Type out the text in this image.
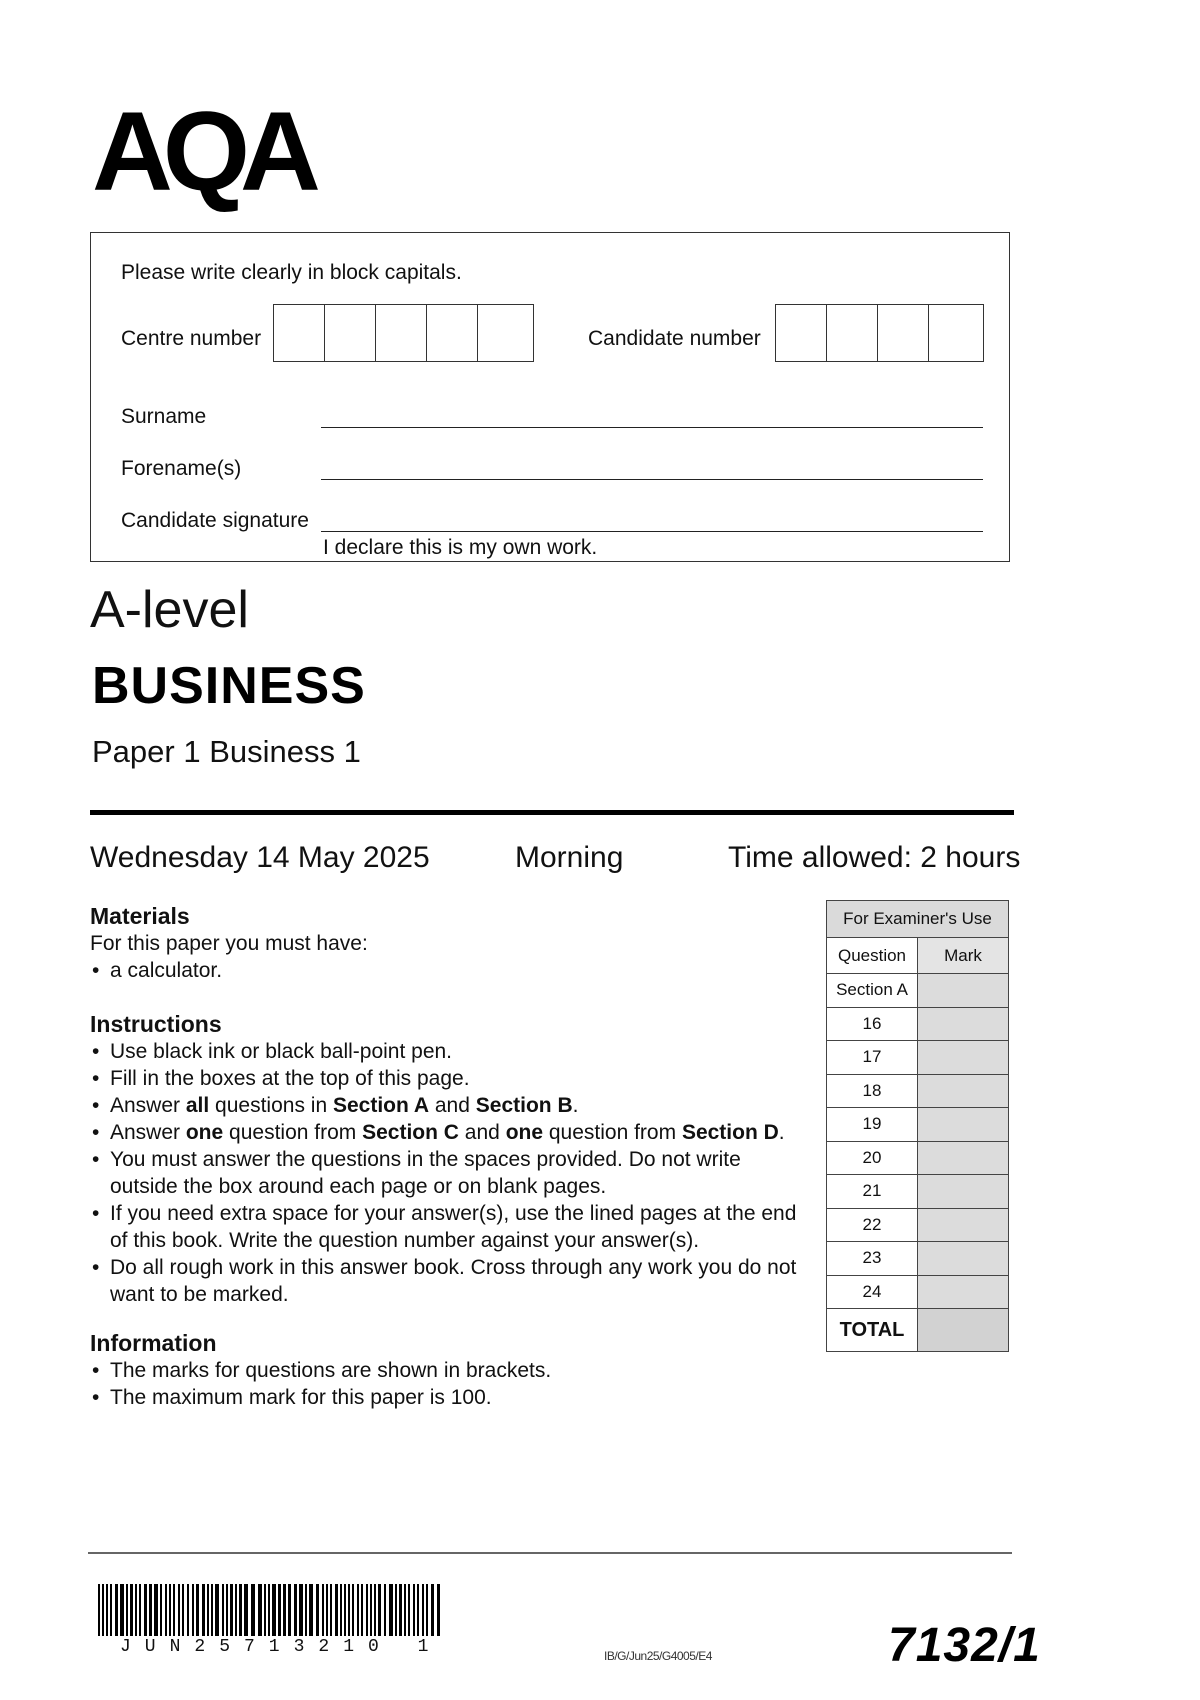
AQA
Please write clearly in block capitals.
Centre number	Candidate number
Surname
Forename(s)
Candidate signature
I declare this is my own work.
A-level
BUSINESS
Paper 1 Business 1
Wednesday 14 May 2025	Morning	Time allowed: 2 hours
Materials
For this paper you must have:
• a calculator.
Instructions
• Use black ink or black ball-point pen.
• Fill in the boxes at the top of this page.
• Answer all questions in Section A and Section B.
• Answer one question from Section C and one question from Section D.
• You must answer the questions in the spaces provided. Do not write outside the box around each page or on blank pages.
• If you need extra space for your answer(s), use the lined pages at the end of this book. Write the question number against your answer(s).
• Do all rough work in this answer book. Cross through any work you do not want to be marked.
Information
• The marks for questions are shown in brackets.
• The maximum mark for this paper is 100.
For Examiner's Use	
Question	Mark
Section A	
16	
17	
18	
19	
20	
21	
22	
23	
24	
TOTAL	
JUN25713210 1	IB/G/Jun25/G4005/E4	7132/1
